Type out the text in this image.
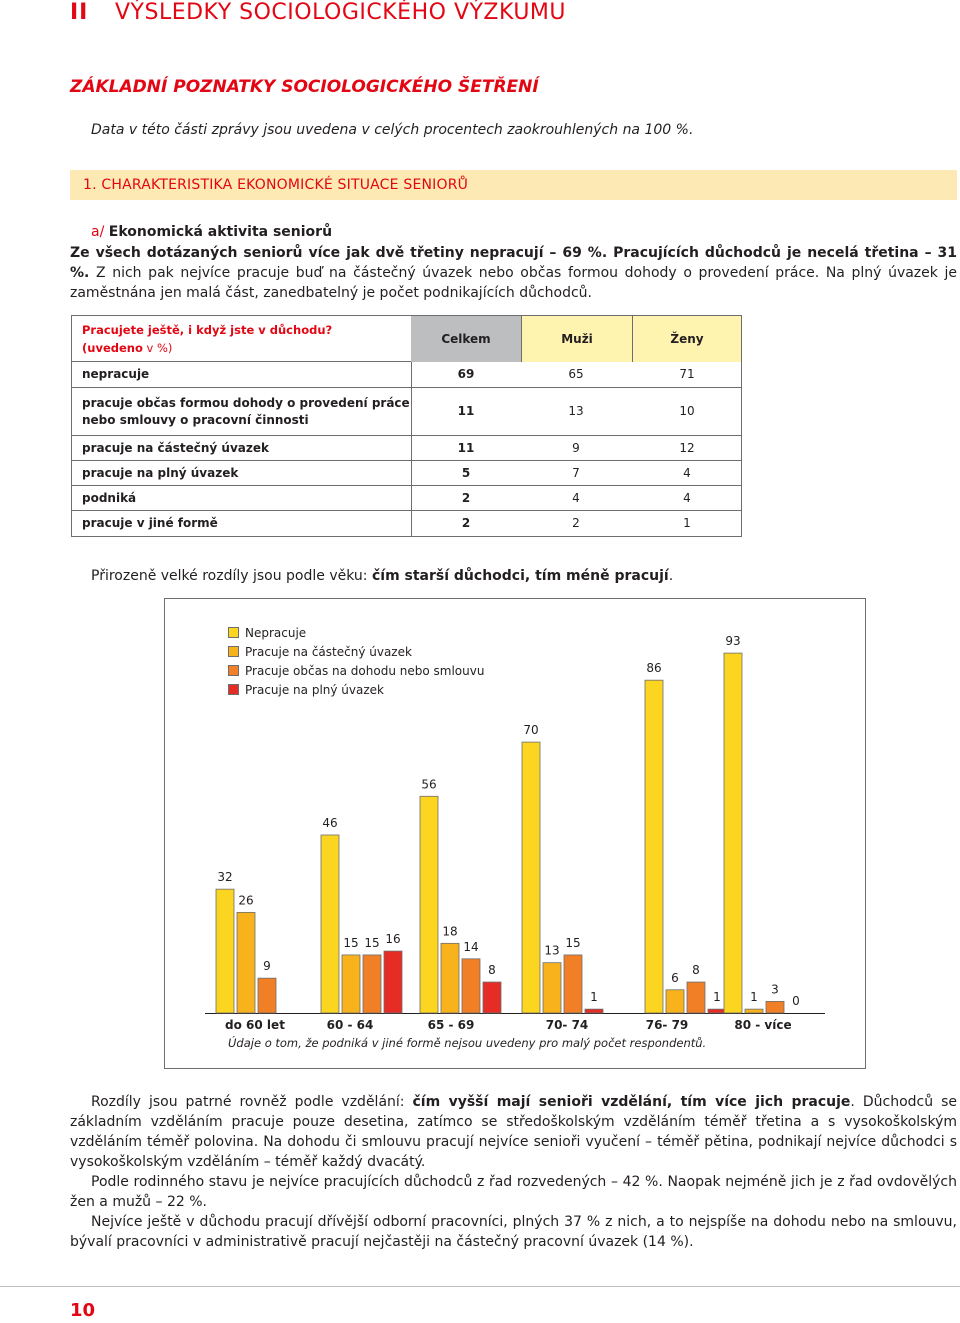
II VÝSLEDKY SOCIOLOGICKÉHO VÝZKUMU
ZÁKLADNÍ POZNATKY SOCIOLOGICKÉHO ŠETŘENÍ
Data v této části zprávy jsou uvedena v celých procentech zaokrouhlených na 100 %.
1. CHARAKTERISTIKA EKONOMICKÉ SITUACE SENIORŮ
a/ Ekonomická aktivita seniorů
Ze všech dotázaných seniorů více jak dvě třetiny nepracují – 69 %. Pracujících důchodců je necelá třetina – 31 %. Z nich pak nejvíce pracuje buď na částečný úvazek nebo občas formou dohody o provedení práce. Na plný úvazek je zaměstnána jen malá část, zanedbatelný je počet podnikajících důchodců.
Pracujete ještě, i když jste v důchodu?
(uvedeno v %)
Celkem	Muži	Ženy
nepracuje	69	65	71
pracuje občas formou dohody o provedení práce
nebo smlouvy o pracovní činnosti
11	13	10
pracuje na částečný úvazek	11	9	12
pracuje na plný úvazek	5	7	4
podniká	2	4	4
pracuje v jiné formě	2	2	1
Přirozeně velké rozdíly jsou podle věku: čím starší důchodci, tím méně pracují.
32
26
9
do 60 let
46
15 15 16
60 - 64
56
18
14
8
65 - 69
70
13
15
1
70- 74
86
6
8
1
76- 79
93
1
3
0
80 - více
Nepracuje
Pracuje na částečný úvazek
Pracuje občas na dohodu nebo smlouvu
Pracuje na plný úvazek
Údaje o tom, že podniká v jiné formě nejsou uvedeny pro malý počet respondentů.
Rozdíly jsou patrné rovněž podle vzdělání: čím vyšší mají senioři vzdělání, tím více jich pracuje. Důchodců se základním vzděláním pracuje pouze desetina, zatímco se středoškolským vzděláním téměř třetina a s vysokoškolským vzděláním téměř polovina. Na dohodu či smlouvu pracují nejvíce senioři vyučení – téměř pětina, podnikají nejvíce důchodci s vysokoškolským vzděláním – téměř každý dvacátý.
Podle rodinného stavu je nejvíce pracujících důchodců z řad rozvedených – 42 %. Naopak nejméně jich je z řad ovdovělých žen a mužů – 22 %.
Nejvíce ještě v důchodu pracují dřívější odborní pracovníci, plných 37 % z nich, a to nejspíše na dohodu nebo na smlouvu, bývalí pracovníci v administrativě pracují nejčastěji na částečný pracovní úvazek (14 %).
10
